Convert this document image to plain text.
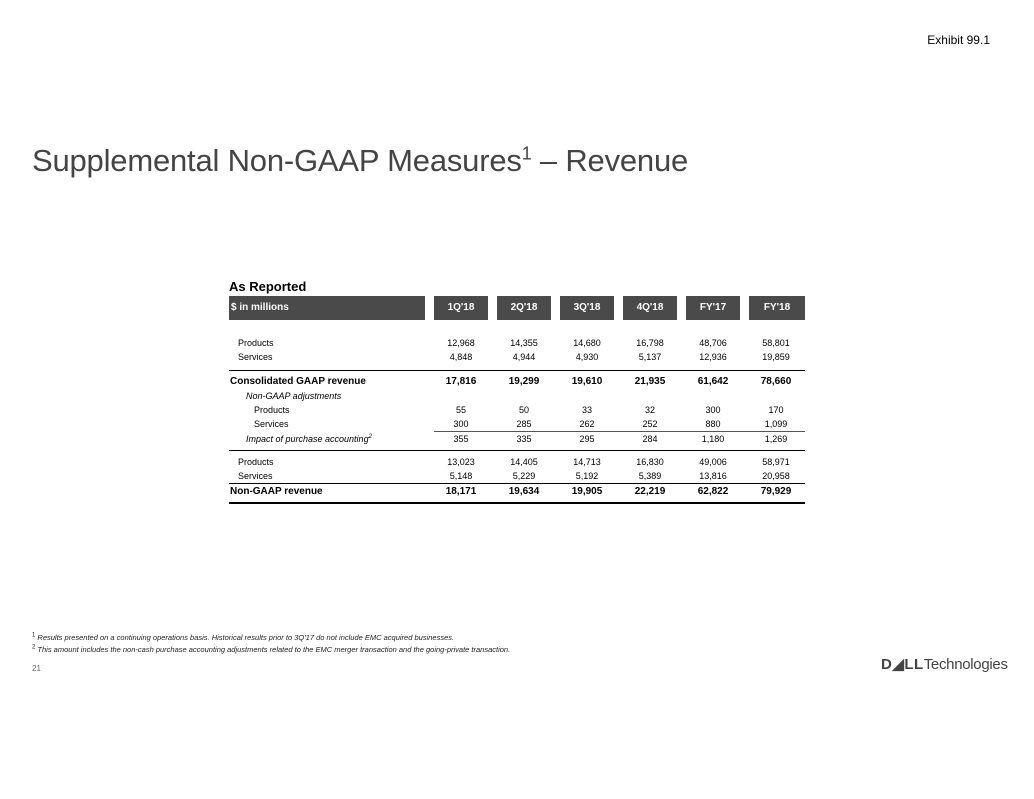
Exhibit 99.1
Supplemental Non-GAAP Measures$^1$ – Revenue
As Reported
$ in millions	1Q'18	2Q'18	3Q'18	4Q'18	FY'17	FY'18
Products	12,968	14,355	14,680	16,798	48,706	58,801
Services	4,848	4,944	4,930	5,137	12,936	19,859
Consolidated GAAP revenue	17,816	19,299	19,610	21,935	61,642	78,660
Non-GAAP adjustments
Products	55	50	33	32	300	170
Services	300	285	262	252	880	1,099
Impact of purchase accounting$^2$	355	335	295	284	1,180	1,269
Products	13,023	14,405	14,713	16,830	49,006	58,971
Services	5,148	5,229	5,192	5,389	13,816	20,958
Non-GAAP revenue	18,171	19,634	19,905	22,219	62,822	79,929
$^1$ Results presented on a continuing operations basis. Historical results prior to 3Q'17 do not include EMC acquired businesses.
$^2$ This amount includes the non-cash purchase accounting adjustments related to the EMC merger transaction and the going-private transaction.
21	D◢LLTechnologies
